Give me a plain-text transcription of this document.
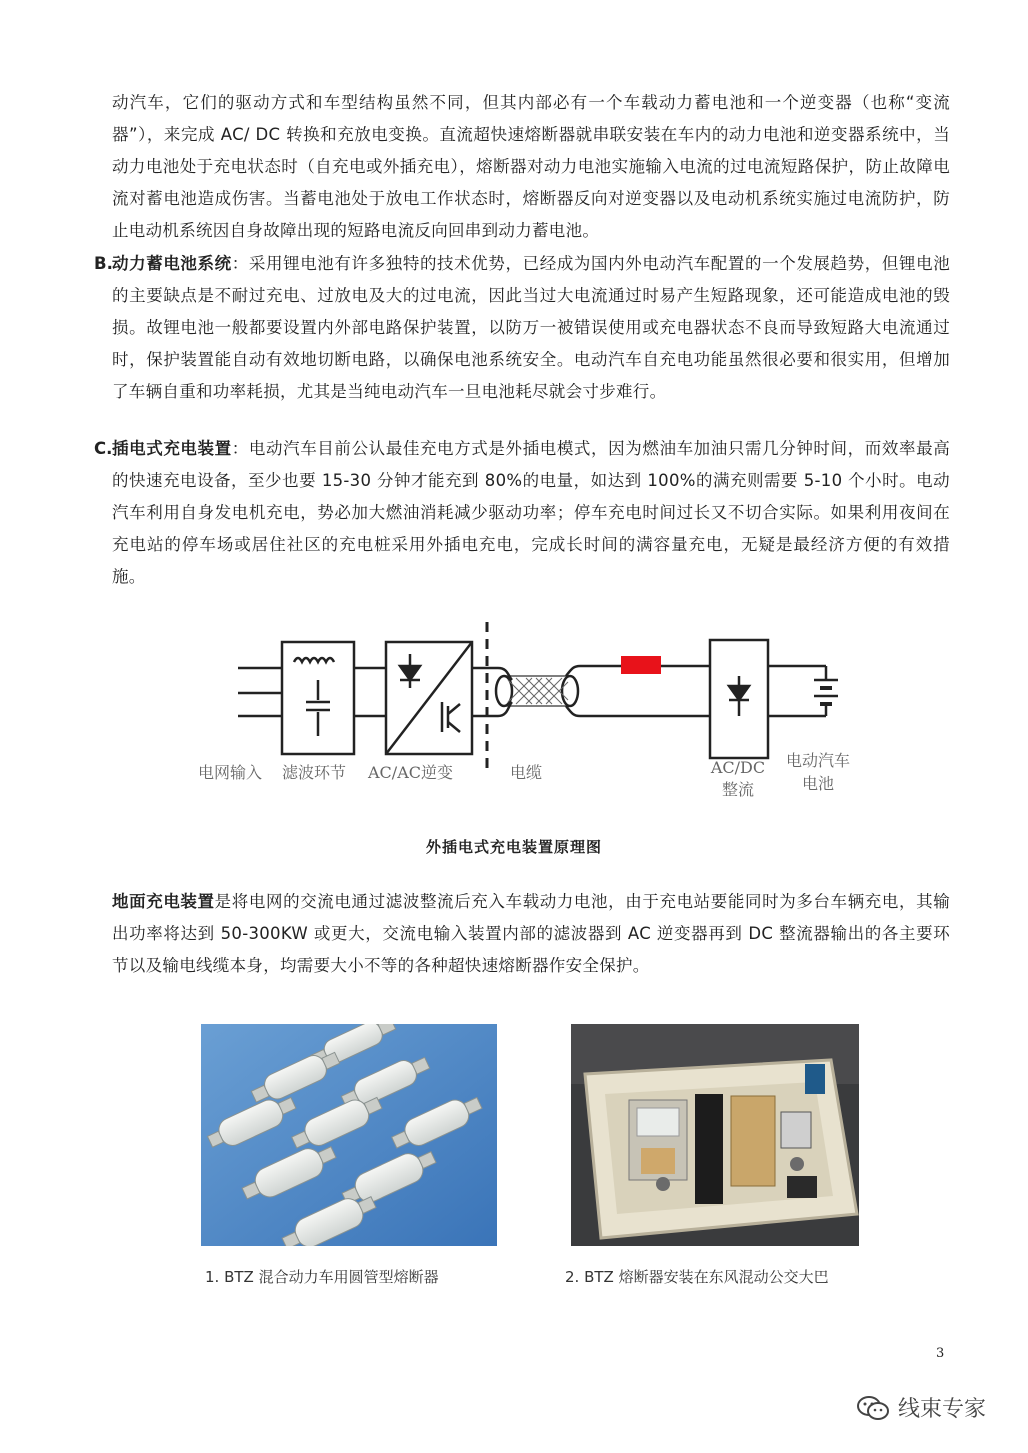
动汽车，它们的驱动方式和车型结构虽然不同，但其内部必有一个车载动力蓄电池和一个逆变器（也称“变流器”），来完成 AC/ DC 转换和充放电变换。直流超快速熔断器就串联安装在车内的动力电池和逆变器系统中，当动力电池处于充电状态时（自充电或外插充电），熔断器对动力电池实施输入电流的过电流短路保护，防止故障电流对蓄电池造成伤害。当蓄电池处于放电工作状态时，熔断器反向对逆变器以及电动机系统实施过电流防护，防止电动机系统因自身故障出现的短路电流反向回串到动力蓄电池。

B. 动力蓄电池系统：采用锂电池有许多独特的技术优势，已经成为国内外电动汽车配置的一个发展趋势，但锂电池的主要缺点是不耐过充电、过放电及大的过电流，因此当过大电流通过时易产生短路现象，还可能造成电池的毁损。故锂电池一般都要设置内外部电路保护装置，以防万一被错误使用或充电器状态不良而导致短路大电流通过时，保护装置能自动有效地切断电路，以确保电池系统安全。电动汽车自充电功能虽然很必要和很实用，但增加了车辆自重和功率耗损，尤其是当纯电动汽车一旦电池耗尽就会寸步难行。

C. 插电式充电装置：电动汽车目前公认最佳充电方式是外插电模式，因为燃油车加油只需几分钟时间，而效率最高的快速充电设备，至少也要 15-30 分钟才能充到 80%的电量，如达到 100%的满充则需要 5-10 个小时。电动汽车利用自身发电机充电，势必加大燃油消耗减少驱动功率；停车充电时间过长又不切合实际。如果利用夜间在充电站的停车场或居住社区的充电桩采用外插电充电，完成长时间的满容量充电，无疑是最经济方便的有效措施。

电网输入 滤波环节 AC/AC逆变	电缆	AC/DC
整流
电动汽车
电池
外插电式充电装置原理图

地面充电装置是将电网的交流电通过滤波整流后充入车载动力电池，由于充电站要能同时为多台车辆充电，其输出功率将达到 50-300KW 或更大，交流电输入装置内部的滤波器到 AC 逆变器再到 DC 整流器输出的各主要环节以及输电线缆本身，均需要大小不等的各种超快速熔断器作安全保护。

1. BTZ 混合动力车用圆管型熔断器	2. BTZ 熔断器安装在东风混动公交大巴
3
线束专家
